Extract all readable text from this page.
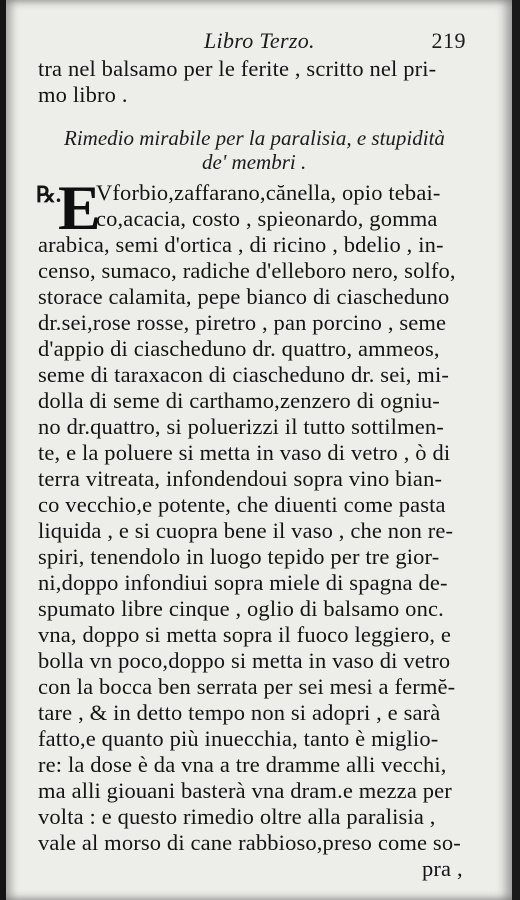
Libro Terzo.	219
tra nel balsamo per le ferite , scritto nel pri-
mo libro .
Rimedio mirabile per la paralisia, e stupidità
de' membri .
℞.
E
Vforbio,zaffarano,cănella, opio tebai-
co,acacia, costo , spieonardo, gomma
arabica, semi d'ortica , di ricino , bdelio , in-
censo, sumaco, radiche d'elleboro nero, solfo,
storace calamita, pepe bianco di ciascheduno
dr.sei,rose rosse, piretro , pan porcino , seme
d'appio di ciascheduno dr. quattro, ammeos,
seme di taraxacon di ciascheduno dr. sei, mi-
dolla di seme di carthamo,zenzero di ogniu-
no dr.quattro, si poluerizzi il tutto sottilmen-
te, e la poluere si metta in vaso di vetro , ò di
terra vitreata, infondendoui sopra vino bian-
co vecchio,e potente, che diuenti come pasta
liquida , e si cuopra bene il vaso , che non re-
spiri, tenendolo in luogo tepido per tre gior-
ni,doppo infondiui sopra miele di spagna de-
spumato libre cinque , oglio di balsamo onc.
vna, doppo si metta sopra il fuoco leggiero, e
bolla vn poco,doppo si metta in vaso di vetro
con la bocca ben serrata per sei mesi a fermĕ-
tare , & in detto tempo non si adopri , e sarà
fatto,e quanto più inuecchia, tanto è miglio-
re: la dose è da vna a tre dramme alli vecchi,
ma alli giouani basterà vna dram.e mezza per
volta : e questo rimedio oltre alla paralisia ,
vale al morso di cane rabbioso,preso come so-
pra ,
